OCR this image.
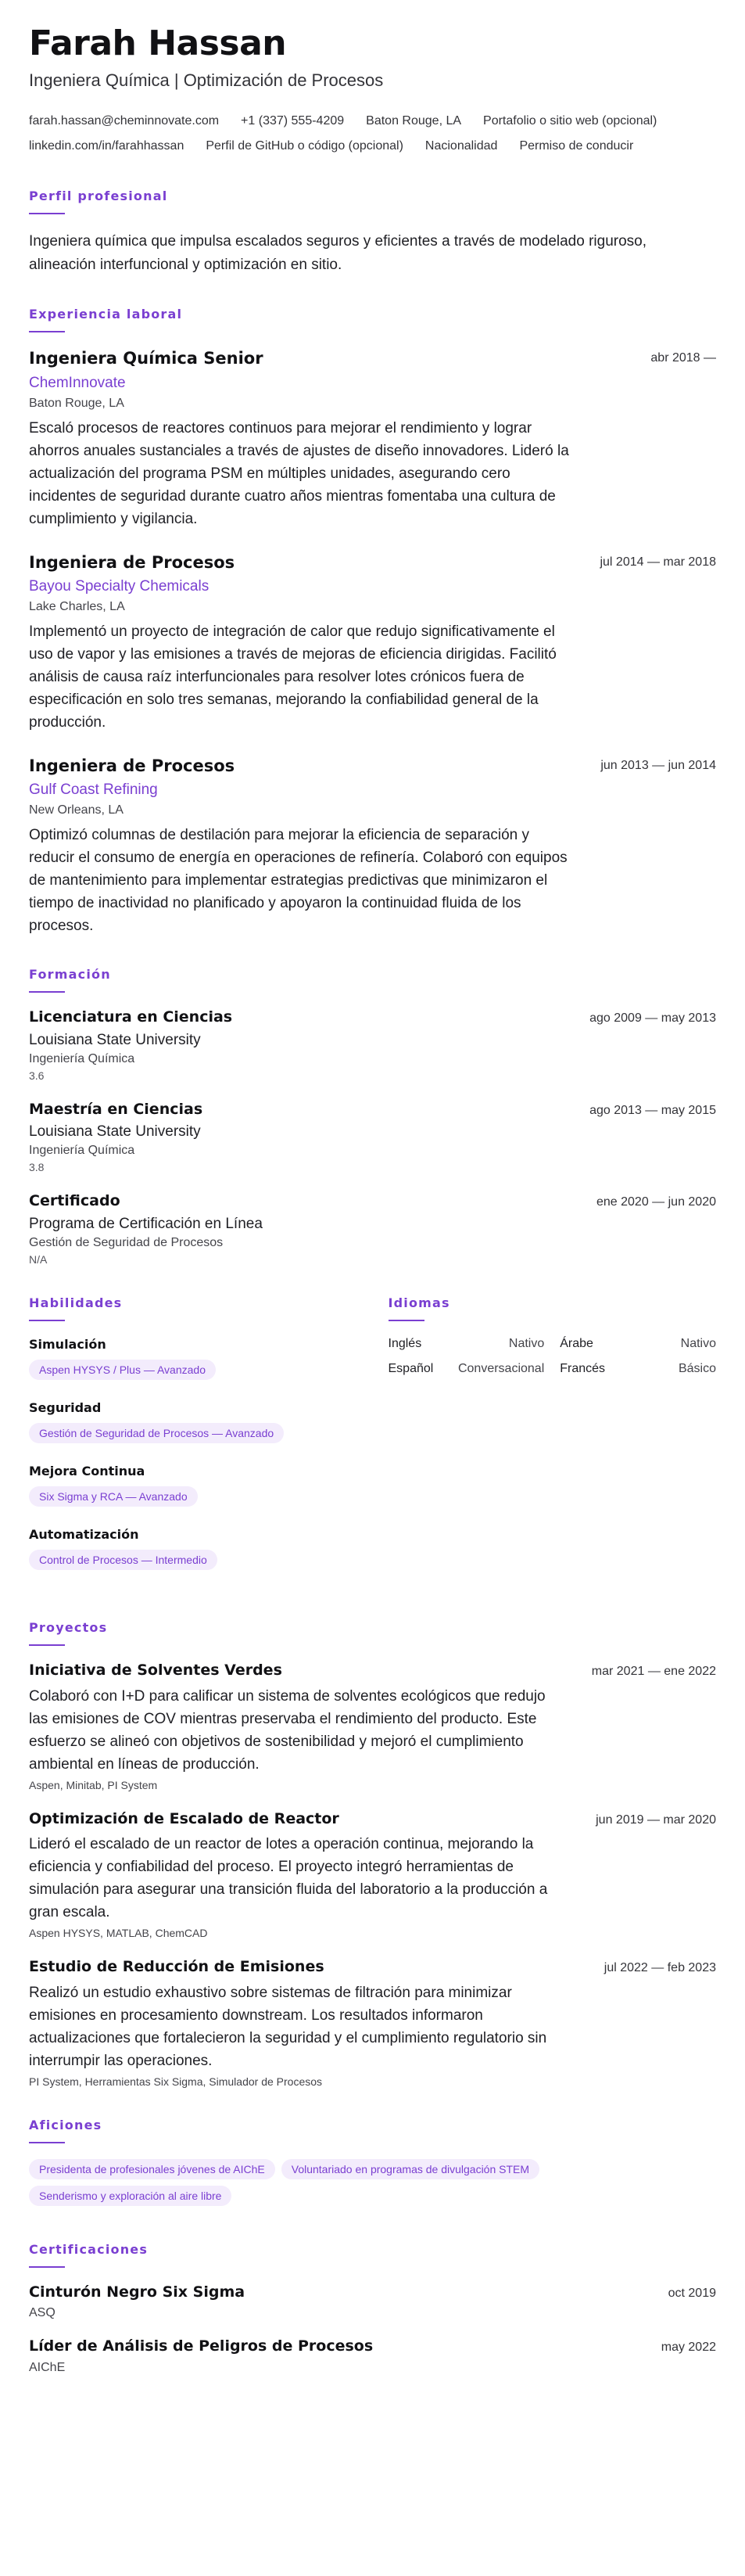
Farah Hassan
Ingeniera Química | Optimización de Procesos
farah.hassan@cheminnovate.com +1 (337) 555-4209 Baton Rouge, LA Portafolio o sitio web (opcional)
linkedin.com/in/farahhassan Perfil de GitHub o código (opcional) Nacionalidad Permiso de conducir
Perfil profesional
Ingeniera química que impulsa escalados seguros y eficientes a través de modelado riguroso, alineación interfuncional y optimización en sitio.
Experiencia laboral
Ingeniera Química Senior	abr 2018 —
ChemInnovate
Baton Rouge, LA
Escaló procesos de reactores continuos para mejorar el rendimiento y lograr ahorros anuales sustanciales a través de ajustes de diseño innovadores. Lideró la actualización del programa PSM en múltiples unidades, asegurando cero incidentes de seguridad durante cuatro años mientras fomentaba una cultura de cumplimiento y vigilancia.
Ingeniera de Procesos	jul 2014 — mar 2018
Bayou Specialty Chemicals
Lake Charles, LA
Implementó un proyecto de integración de calor que redujo significativamente el uso de vapor y las emisiones a través de mejoras de eficiencia dirigidas. Facilitó análisis de causa raíz interfuncionales para resolver lotes crónicos fuera de especificación en solo tres semanas, mejorando la confiabilidad general de la producción.
Ingeniera de Procesos	jun 2013 — jun 2014
Gulf Coast Refining
New Orleans, LA
Optimizó columnas de destilación para mejorar la eficiencia de separación y reducir el consumo de energía en operaciones de refinería. Colaboró con equipos de mantenimiento para implementar estrategias predictivas que minimizaron el tiempo de inactividad no planificado y apoyaron la continuidad fluida de los procesos.
Formación
Licenciatura en Ciencias	ago 2009 — may 2013
Louisiana State University
Ingeniería Química
3.6
Maestría en Ciencias	ago 2013 — may 2015
Louisiana State University
Ingeniería Química
3.8
Certificado	ene 2020 — jun 2020
Programa de Certificación en Línea
Gestión de Seguridad de Procesos
N/A
Habilidades
Simulación
Aspen HYSYS / Plus — Avanzado
Seguridad
Gestión de Seguridad de Procesos — Avanzado
Mejora Continua
Six Sigma y RCA — Avanzado
Automatización
Control de Procesos — Intermedio
Idiomas
Inglés	Nativo Árabe	Nativo
Español Conversacional Francés	Básico
Proyectos
Iniciativa de Solventes Verdes	mar 2021 — ene 2022
Colaboró con I+D para calificar un sistema de solventes ecológicos que redujo las emisiones de COV mientras preservaba el rendimiento del producto. Este esfuerzo se alineó con objetivos de sostenibilidad y mejoró el cumplimiento ambiental en líneas de producción.
Aspen, Minitab, PI System
Optimización de Escalado de Reactor	jun 2019 — mar 2020
Lideró el escalado de un reactor de lotes a operación continua, mejorando la eficiencia y confiabilidad del proceso. El proyecto integró herramientas de simulación para asegurar una transición fluida del laboratorio a la producción a gran escala.
Aspen HYSYS, MATLAB, ChemCAD
Estudio de Reducción de Emisiones	jul 2022 — feb 2023
Realizó un estudio exhaustivo sobre sistemas de filtración para minimizar emisiones en procesamiento downstream. Los resultados informaron actualizaciones que fortalecieron la seguridad y el cumplimiento regulatorio sin interrumpir las operaciones.
PI System, Herramientas Six Sigma, Simulador de Procesos
Aficiones
Presidenta de profesionales jóvenes de AIChE	Voluntariado en programas de divulgación STEM
Senderismo y exploración al aire libre
Certificaciones
Cinturón Negro Six Sigma	oct 2019
ASQ
Líder de Análisis de Peligros de Procesos	may 2022
AIChE
